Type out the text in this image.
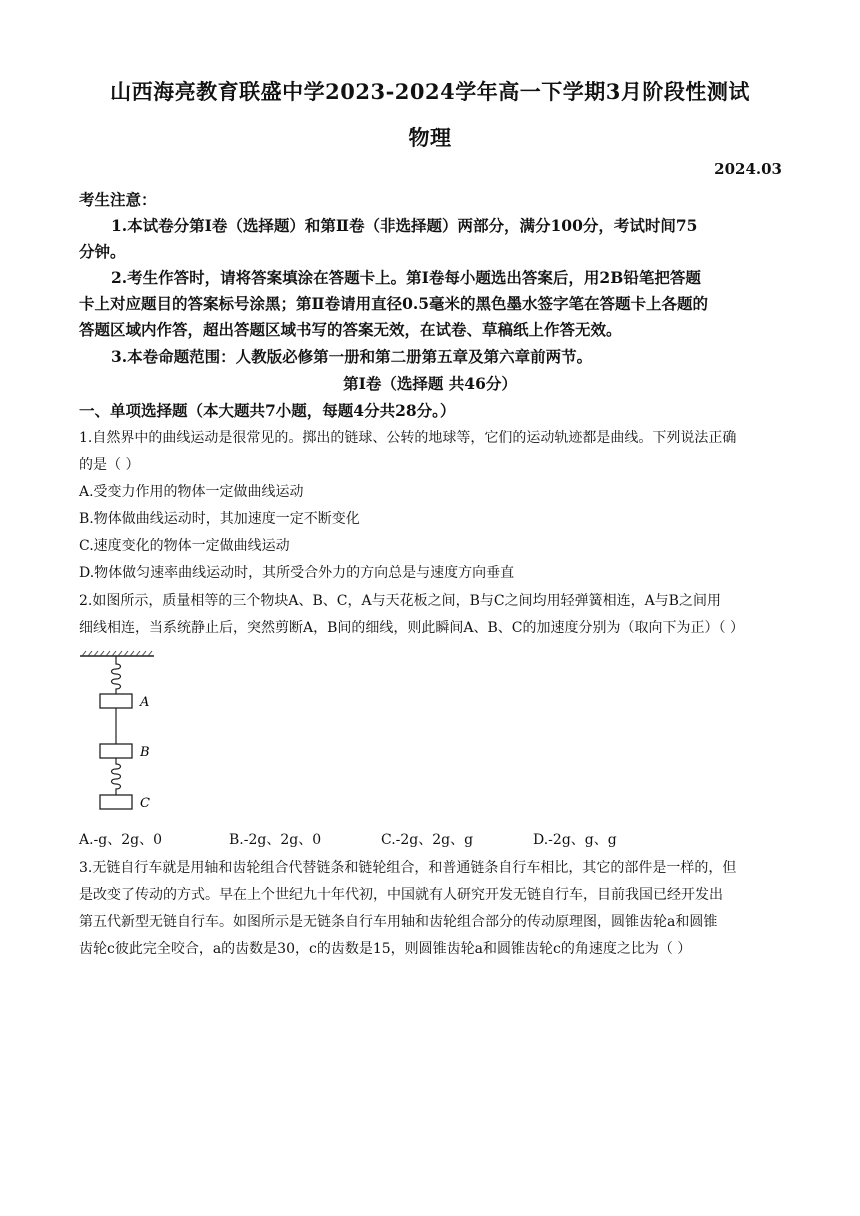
山西海亮教育联盛中学2023-2024学年高一下学期3月阶段性测试
物理
2024.03
考生注意：
1.本试卷分第Ⅰ卷（选择题）和第Ⅱ卷（非选择题）两部分，满分100分，考试时间75
分钟。
2.考生作答时，请将答案填涂在答题卡上。第Ⅰ卷每小题选出答案后，用2B铅笔把答题
卡上对应题目的答案标号涂黑；第Ⅱ卷请用直径0.5毫米的黑色墨水签字笔在答题卡上各题的
答题区域内作答，超出答题区域书写的答案无效，在试卷、草稿纸上作答无效。
3.本卷命题范围：人教版必修第一册和第二册第五章及第六章前两节。
第Ⅰ卷（选择题 共46分）
一、单项选择题（本大题共7小题，每题4分共28分。）
1.自然界中的曲线运动是很常见的。掷出的链球、公转的地球等，它们的运动轨迹都是曲线。下列说法正确
的是（ ）
A.受变力作用的物体一定做曲线运动
B.物体做曲线运动时，其加速度一定不断变化
C.速度变化的物体一定做曲线运动
D.物体做匀速率曲线运动时，其所受合外力的方向总是与速度方向垂直
2.如图所示，质量相等的三个物块A、B、C，A与天花板之间，B与C之间均用轻弹簧相连，A与B之间用
细线相连，当系统静止后，突然剪断A，B间的细线，则此瞬间A、B、C的加速度分别为（取向下为正）（ ）
A
B
C
A.-g、2g、0	B.-2g、2g、0	C.-2g、2g、g	D.-2g、g、g
3.无链自行车就是用轴和齿轮组合代替链条和链轮组合，和普通链条自行车相比，其它的部件是一样的，但
是改变了传动的方式。早在上个世纪九十年代初，中国就有人研究开发无链自行车，目前我国已经开发出
第五代新型无链自行车。如图所示是无链条自行车用轴和齿轮组合部分的传动原理图，圆锥齿轮a和圆锥
齿轮c彼此完全咬合，a的齿数是30，c的齿数是15，则圆锥齿轮a和圆锥齿轮c的角速度之比为（ ）
